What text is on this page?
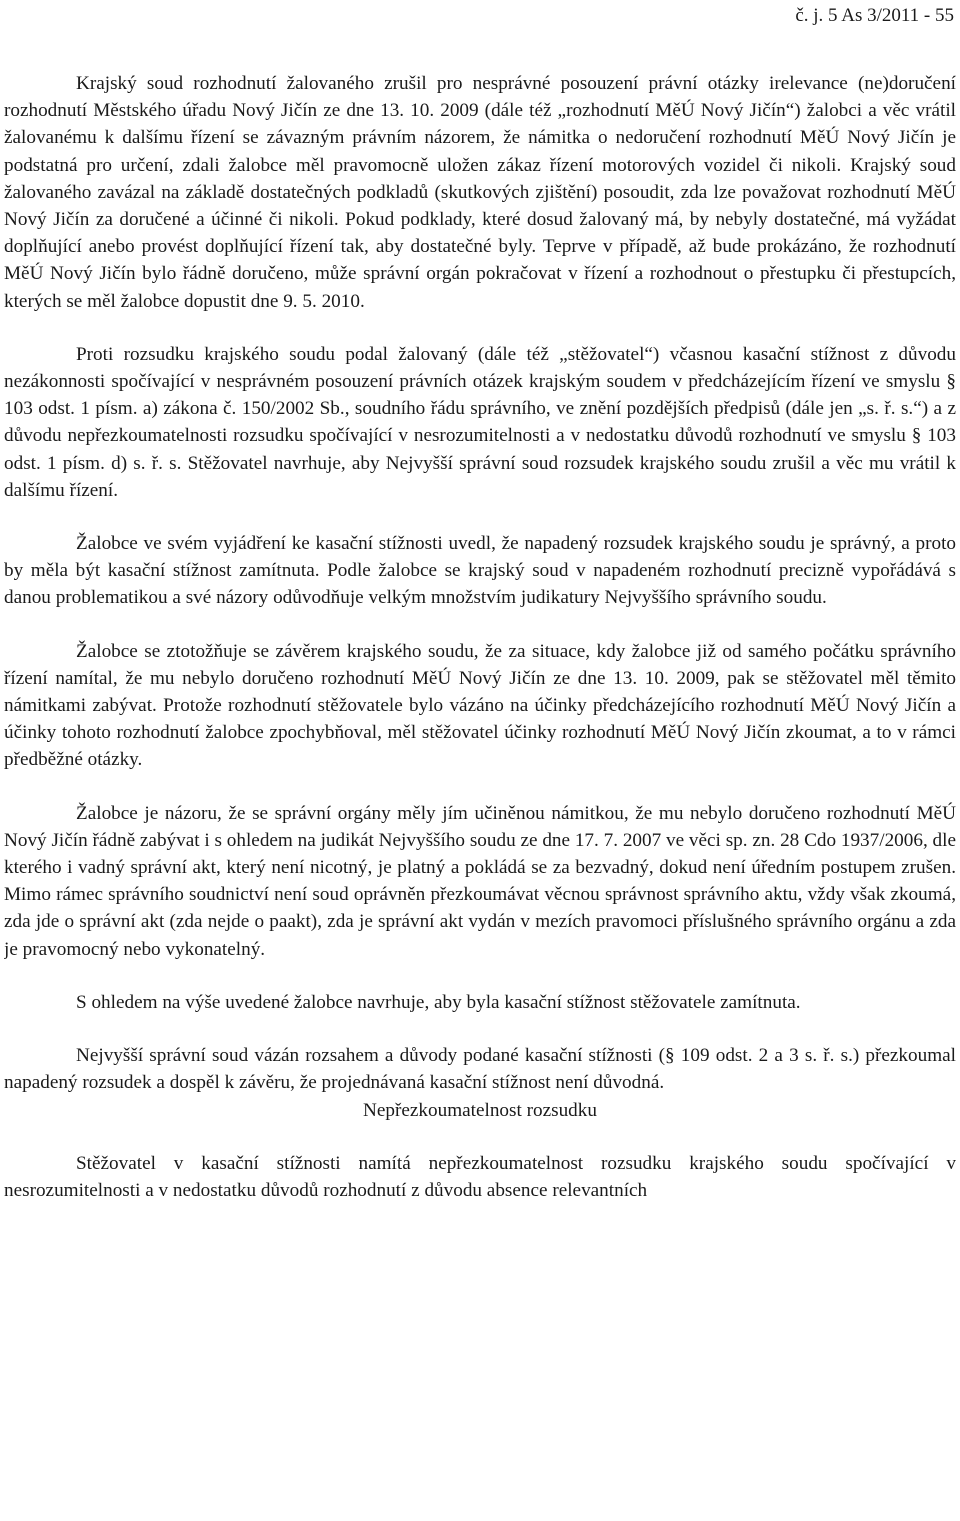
č. j. 5 As 3/2011 - 55

Krajský soud rozhodnutí žalovaného zrušil pro nesprávné posouzení právní otázky irelevance (ne)doručení rozhodnutí Městského úřadu Nový Jičín ze dne 13. 10. 2009 (dále též „rozhodnutí MěÚ Nový Jičín“) žalobci a věc vrátil žalovanému k dalšímu řízení se závazným právním názorem, že námitka o nedoručení rozhodnutí MěÚ Nový Jičín je podstatná pro určení, zdali žalobce měl pravomocně uložen zákaz řízení motorových vozidel či nikoli. Krajský soud žalovaného zavázal na základě dostatečných podkladů (skutkových zjištění) posoudit, zda lze považovat rozhodnutí MěÚ Nový Jičín za doručené a účinné či nikoli. Pokud podklady, které dosud žalovaný má, by nebyly dostatečné, má vyžádat doplňující anebo provést doplňující řízení tak, aby dostatečné byly. Teprve v případě, až bude prokázáno, že rozhodnutí MěÚ Nový Jičín bylo řádně doručeno, může správní orgán pokračovat v řízení a rozhodnout o přestupku či přestupcích, kterých se měl žalobce dopustit dne 9. 5. 2010.

Proti rozsudku krajského soudu podal žalovaný (dále též „stěžovatel“) včasnou kasační stížnost z důvodu nezákonnosti spočívající v nesprávném posouzení právních otázek krajským soudem v předcházejícím řízení ve smyslu § 103 odst. 1 písm. a) zákona č. 150/2002 Sb., soudního řádu správního, ve znění pozdějších předpisů (dále jen „s. ř. s.“) a z důvodu nepřezkoumatelnosti rozsudku spočívající v nesrozumitelnosti a v nedostatku důvodů rozhodnutí ve smyslu § 103 odst. 1 písm. d) s. ř. s. Stěžovatel navrhuje, aby Nejvyšší správní soud rozsudek krajského soudu zrušil a věc mu vrátil k dalšímu řízení.

Žalobce ve svém vyjádření ke kasační stížnosti uvedl, že napadený rozsudek krajského soudu je správný, a proto by měla být kasační stížnost zamítnuta. Podle žalobce se krajský soud v napadeném rozhodnutí precizně vypořádává s danou problematikou a své názory odůvodňuje velkým množstvím judikatury Nejvyššího správního soudu.

Žalobce se ztotožňuje se závěrem krajského soudu, že za situace, kdy žalobce již od samého počátku správního řízení namítal, že mu nebylo doručeno rozhodnutí MěÚ Nový Jičín ze dne 13. 10. 2009, pak se stěžovatel měl těmito námitkami zabývat. Protože rozhodnutí stěžovatele bylo vázáno na účinky předcházejícího rozhodnutí MěÚ Nový Jičín a účinky tohoto rozhodnutí žalobce zpochybňoval, měl stěžovatel účinky rozhodnutí MěÚ Nový Jičín zkoumat, a to v rámci předběžné otázky.

Žalobce je názoru, že se správní orgány měly jím učiněnou námitkou, že mu nebylo doručeno rozhodnutí MěÚ Nový Jičín řádně zabývat i s ohledem na judikát Nejvyššího soudu ze dne 17. 7. 2007 ve věci sp. zn. 28 Cdo 1937/2006, dle kterého i vadný správní akt, který není nicotný, je platný a pokládá se za bezvadný, dokud není úředním postupem zrušen. Mimo rámec správního soudnictví není soud oprávněn přezkoumávat věcnou správnost správního aktu, vždy však zkoumá, zda jde o správní akt (zda nejde o paakt), zda je správní akt vydán v mezích pravomoci příslušného správního orgánu a zda je pravomocný nebo vykonatelný.

S ohledem na výše uvedené žalobce navrhuje, aby byla kasační stížnost stěžovatele zamítnuta.

Nejvyšší správní soud vázán rozsahem a důvody podané kasační stížnosti (§ 109 odst. 2 a 3 s. ř. s.) přezkoumal napadený rozsudek a dospěl k závěru, že projednávaná kasační stížnost není důvodná.

Nepřezkoumatelnost rozsudku

Stěžovatel v kasační stížnosti namítá nepřezkoumatelnost rozsudku krajského soudu spočívající v nesrozumitelnosti a v nedostatku důvodů rozhodnutí z důvodu absence relevantních
